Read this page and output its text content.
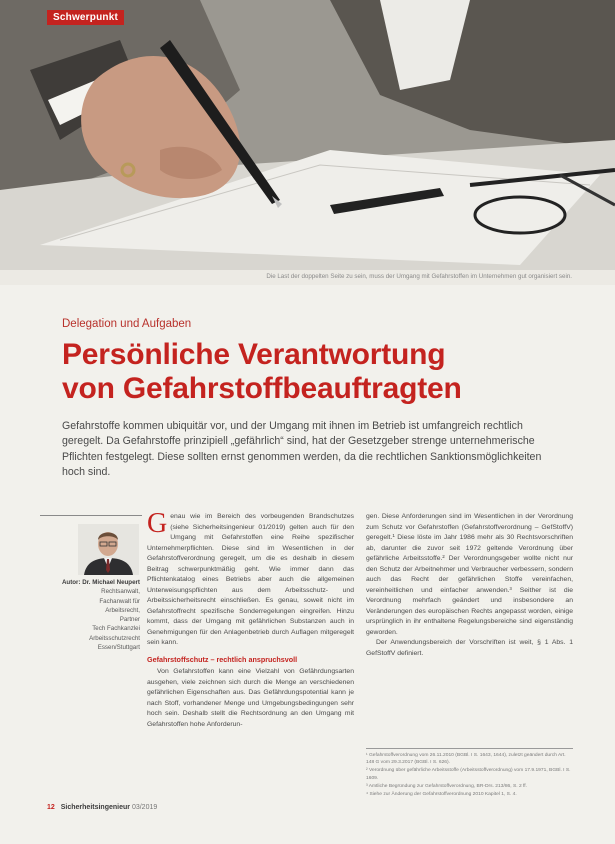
Schwerpunkt
Die Last der doppelten Seite zu sein, muss der Umgang mit Gefahrstoffen im Unternehmen gut organisiert sein.
Delegation und Aufgaben
Persönliche Verantwortung
von Gefahrstoffbeauftragten
Gefahrstoffe kommen ubiquitär vor, und der Umgang mit ihnen im Betrieb ist umfangreich rechtlich geregelt. Da Gefahrstoffe prinzipiell „gefährlich“ sind, hat der Gesetzgeber strenge unternehmerische Pflichten festgelegt. Diese sollten ernst genommen werden, da die rechtlichen Sanktionsmöglichkeiten hoch sind.
Autor: Dr. Michael Neupert
Rechtsanwalt,
Fachanwalt für
Arbeitsrecht,
Partner
Tech Fachkanzlei
Arbeitsschutzrecht
Essen/Stuttgart

Genau wie im Bereich des vorbeugenden Brandschutzes (siehe Sicherheitsingenieur 01/2019) gelten auch für den Umgang mit Gefahrstoffen eine Reihe spezifischer Unternehmerpflichten. Diese sind im Wesentlichen in der Gefahrstoffverordnung geregelt, um die es deshalb in diesem Beitrag schwerpunktmäßig geht. Wie immer dann das Pflichtenkatalog eines Betriebs aber auch die allgemeinen Unterweisungspflichten aus dem Arbeitsschutz- und Arbeitssicherheitsrecht einschließen. Es genau, soweit nicht im Gefahrstoffrecht spezifische Sonderregelungen eingreifen. Hinzu kommt, dass der Umgang mit gefährlichen Substanzen auch in Genehmigungen für den Anlagenbetrieb durch Auflagen mitgeregelt sein kann.

Gefahrstoffschutz – rechtlich anspruchsvoll

Von Gefahrstoffen kann eine Vielzahl von Gefährdungsarten ausgehen, viele zeichnen sich durch die Menge an verschiedenen gefährlichen Eigenschaften aus. Das Gefährdungspotential kann je nach Stoff, vorhandener Menge und Umgebungsbedingungen sehr hoch sein. Deshalb stellt die Rechtsordnung an den Umgang mit Gefahrstoffen hohe Anforderun-

gen. Diese Anforderungen sind im Wesentlichen in der Verordnung zum Schutz vor Gefahrstoffen (Gefahrstoffverordnung – GefStoffV) geregelt.¹ Diese löste im Jahr 1986 mehr als 30 Rechtsvorschriften ab, darunter die zuvor seit 1972 geltende Verordnung über gefährliche Arbeitsstoffe.² Der Verordnungsgeber wollte nicht nur den Schutz der Arbeitnehmer und Verbraucher verbessern, sondern auch das Recht der gefährlichen Stoffe vereinfachen, vereinheitlichen und einfacher anwenden.³ Seither ist die Verordnung mehrfach geändert und insbesondere an Veränderungen des europäischen Rechts angepasst worden, einige ursprünglich in ihr enthaltene Regelungsbereiche sind eigenständig geworden.

Der Anwendungsbereich der Vorschriften ist weit, § 1 Abs. 1 GefStoffV definiert.

¹ Gefahrstoffverordnung vom 26.11.2010 (BGBl. I S. 1643, 1644), zuletzt geändert durch Art. 148 G vom 29.3.2017 (BGBl. I S. 626).

² Verordnung über gefährliche Arbeitsstoffe (Arbeitsstoffverordnung) vom 17.9.1971, BGBl. I S. 1609.

³ Amtliche Begründung zur Gefahrstoffverordnung, BR-Drs. 213/86, S. 2 ff.

⁴ Siehe zur Änderung der Gefahrstoffverordnung 2010 Kapitel 1, S. 4.

12 Sicherheitsingenieur 03/2019
